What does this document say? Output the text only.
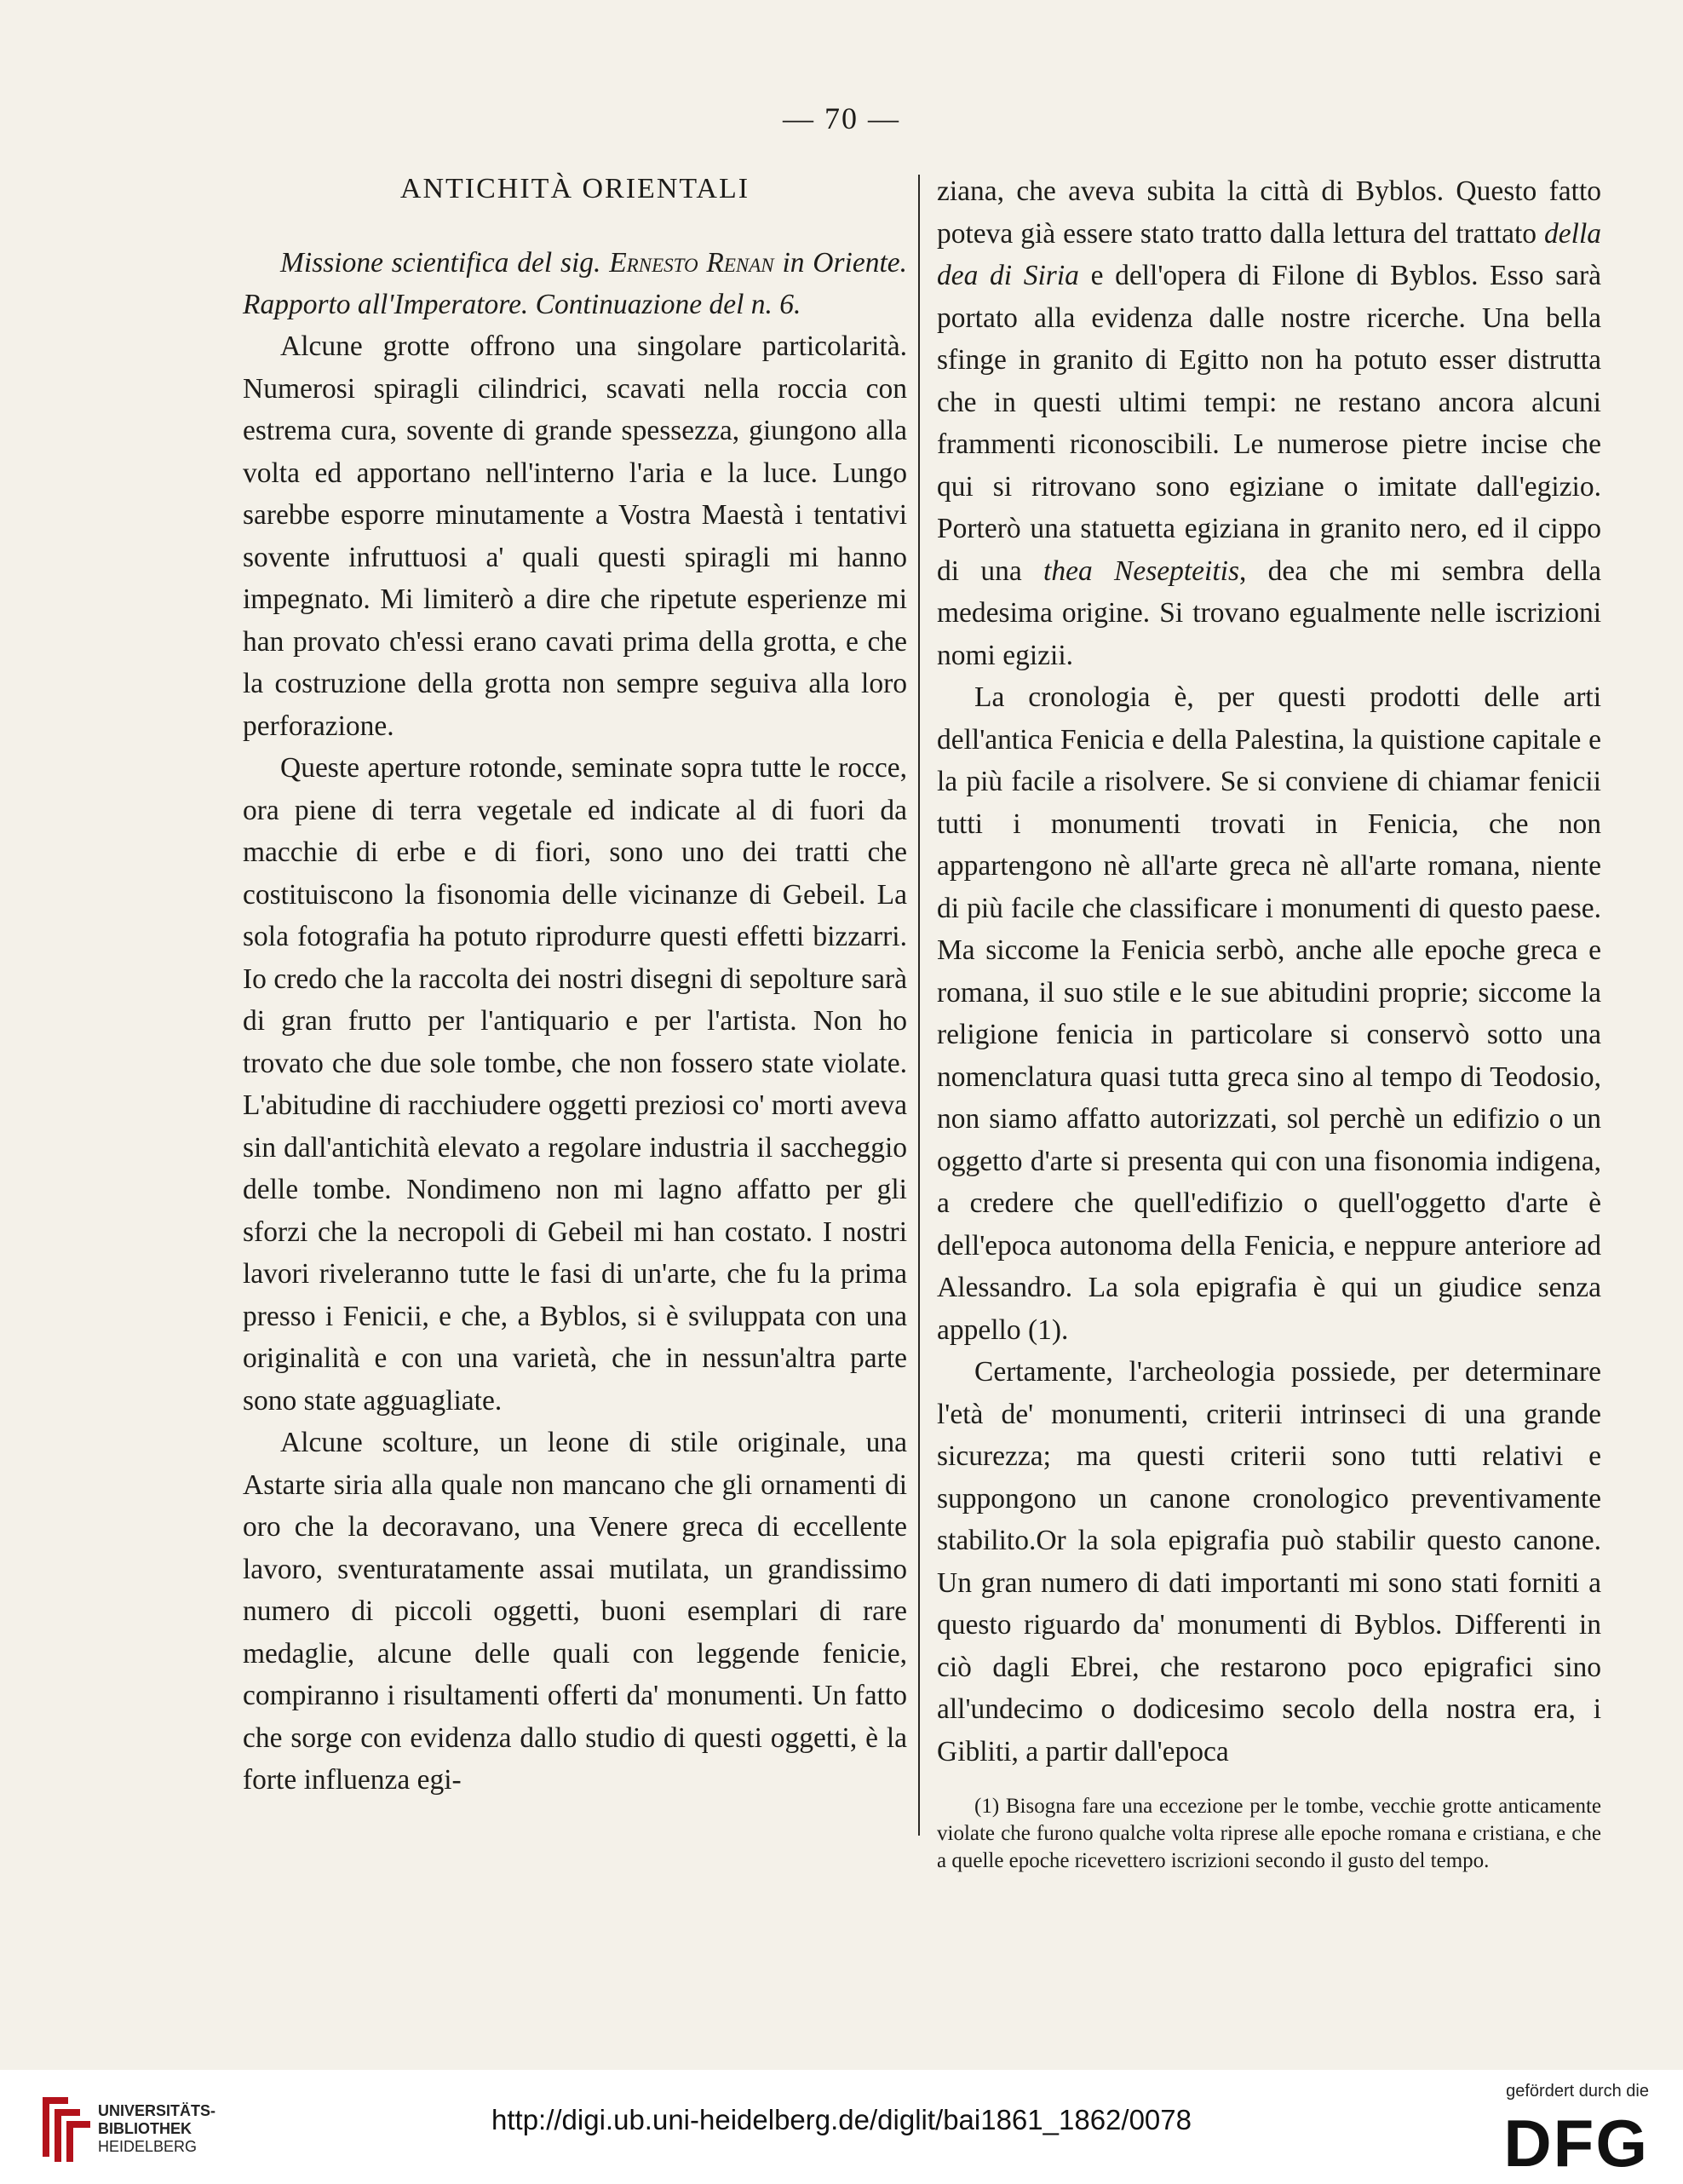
— 70 —
ANTICHITÀ ORIENTALI

Missione scientifica del sig. Ernesto Renan in Oriente. Rapporto all'Imperatore. Continuazione del n. 6.

Alcune grotte offrono una singolare particolarità. Numerosi spiragli cilindrici, scavati nella roccia con estrema cura, sovente di grande spessezza, giungono alla volta ed apportano nell'interno l'aria e la luce. Lungo sarebbe esporre minutamente a Vostra Maestà i tentativi sovente infruttuosi a' quali questi spiragli mi hanno impegnato. Mi limiterò a dire che ripetute esperienze mi han provato ch'essi erano cavati prima della grotta, e che la costruzione della grotta non sempre seguiva alla loro perforazione.

Queste aperture rotonde, seminate sopra tutte le rocce, ora piene di terra vegetale ed indicate al di fuori da macchie di erbe e di fiori, sono uno dei tratti che costituiscono la fisonomia delle vicinanze di Gebeil. La sola fotografia ha potuto riprodurre questi effetti bizzarri. Io credo che la raccolta dei nostri disegni di sepolture sarà di gran frutto per l'antiquario e per l'artista. Non ho trovato che due sole tombe, che non fossero state violate. L'abitudine di racchiudere oggetti preziosi co' morti aveva sin dall'antichità elevato a regolare industria il saccheggio delle tombe. Nondimeno non mi lagno affatto per gli sforzi che la necropoli di Gebeil mi han costato. I nostri lavori riveleranno tutte le fasi di un'arte, che fu la prima presso i Fenicii, e che, a Byblos, si è sviluppata con una originalità e con una varietà, che in nessun'altra parte sono state agguagliate.

Alcune scolture, un leone di stile originale, una Astarte siria alla quale non mancano che gli ornamenti di oro che la decoravano, una Venere greca di eccellente lavoro, sventuratamente assai mutilata, un grandissimo numero di piccoli oggetti, buoni esemplari di rare medaglie, alcune delle quali con leggende fenicie, compiranno i risultamenti offerti da' monumenti. Un fatto che sorge con evidenza dallo studio di questi oggetti, è la forte influenza egi-

ziana, che aveva subita la città di Byblos. Questo fatto poteva già essere stato tratto dalla lettura del trattato della dea di Siria e dell'opera di Filone di Byblos. Esso sarà portato alla evidenza dalle nostre ricerche. Una bella sfinge in granito di Egitto non ha potuto esser distrutta che in questi ultimi tempi: ne restano ancora alcuni frammenti riconoscibili. Le numerose pietre incise che qui si ritrovano sono egiziane o imitate dall'egizio. Porterò una statuetta egiziana in granito nero, ed il cippo di una thea Nesepteitis, dea che mi sembra della medesima origine. Si trovano egualmente nelle iscrizioni nomi egizii.

La cronologia è, per questi prodotti delle arti dell'antica Fenicia e della Palestina, la quistione capitale e la più facile a risolvere. Se si conviene di chiamar fenicii tutti i monumenti trovati in Fenicia, che non appartengono nè all'arte greca nè all'arte romana, niente di più facile che classificare i monumenti di questo paese. Ma siccome la Fenicia serbò, anche alle epoche greca e romana, il suo stile e le sue abitudini proprie; siccome la religione fenicia in particolare si conservò sotto una nomenclatura quasi tutta greca sino al tempo di Teodosio, non siamo affatto autorizzati, sol perchè un edifizio o un oggetto d'arte si presenta qui con una fisonomia indigena, a credere che quell'edifizio o quell'oggetto d'arte è dell'epoca autonoma della Fenicia, e neppure anteriore ad Alessandro. La sola epigrafia è qui un giudice senza appello (1).

Certamente, l'archeologia possiede, per determinare l'età de' monumenti, criterii intrinseci di una grande sicurezza; ma questi criterii sono tutti relativi e suppongono un canone cronologico preventivamente stabilito.Or la sola epigrafia può stabilir questo canone. Un gran numero di dati importanti mi sono stati forniti a questo riguardo da' monumenti di Byblos. Differenti in ciò dagli Ebrei, che restarono poco epigrafici sino all'undecimo o dodicesimo secolo della nostra era, i Gibliti, a partir dall'epoca

(1) Bisogna fare una eccezione per le tombe, vecchie grotte anticamente violate che furono qualche volta riprese alle epoche romana e cristiana, e che a quelle epoche ricevettero iscrizioni secondo il gusto del tempo.

UNIVERSITÄTS-
BIBLIOTHEK
HEIDELBERG
http://digi.ub.uni-heidelberg.de/diglit/bai1861_1862/0078
gefördert durch die
DFG
